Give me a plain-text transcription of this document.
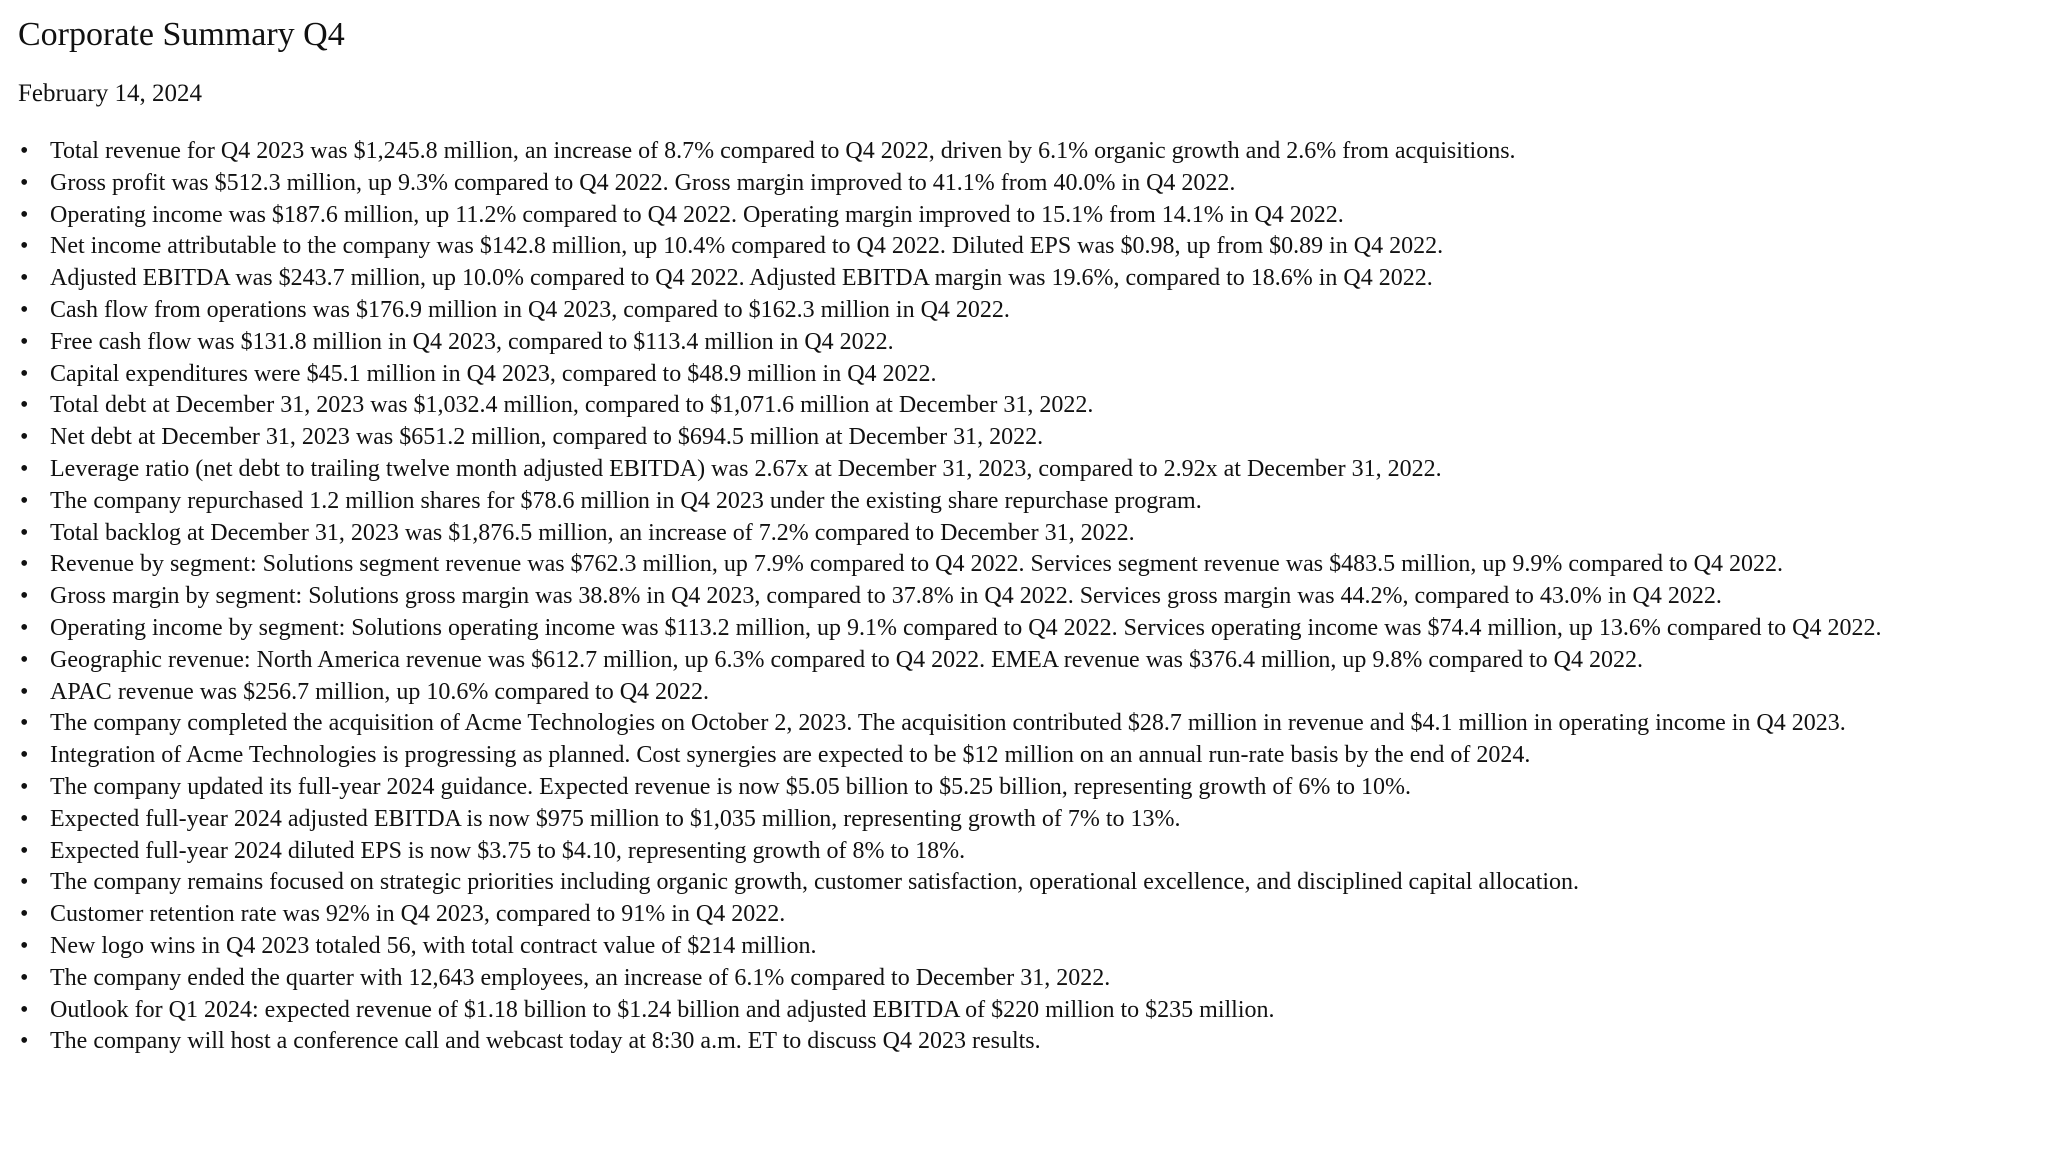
Corporate Summary Q4
February 14, 2024
• Total revenue for Q4 2023 was $1,245.8 million, an increase of 8.7% compared to Q4 2022, driven by 6.1% organic growth and 2.6% from acquisitions.
• Gross profit was $512.3 million, up 9.3% compared to Q4 2022. Gross margin improved to 41.1% from 40.0% in Q4 2022.
• Operating income was $187.6 million, up 11.2% compared to Q4 2022. Operating margin improved to 15.1% from 14.1% in Q4 2022.
• Net income attributable to the company was $142.8 million, up 10.4% compared to Q4 2022. Diluted EPS was $0.98, up from $0.89 in Q4 2022.
• Adjusted EBITDA was $243.7 million, up 10.0% compared to Q4 2022. Adjusted EBITDA margin was 19.6%, compared to 18.6% in Q4 2022.
• Cash flow from operations was $176.9 million in Q4 2023, compared to $162.3 million in Q4 2022.
• Free cash flow was $131.8 million in Q4 2023, compared to $113.4 million in Q4 2022.
• Capital expenditures were $45.1 million in Q4 2023, compared to $48.9 million in Q4 2022.
• Total debt at December 31, 2023 was $1,032.4 million, compared to $1,071.6 million at December 31, 2022.
• Net debt at December 31, 2023 was $651.2 million, compared to $694.5 million at December 31, 2022.
• Leverage ratio (net debt to trailing twelve month adjusted EBITDA) was 2.67x at December 31, 2023, compared to 2.92x at December 31, 2022.
• The company repurchased 1.2 million shares for $78.6 million in Q4 2023 under the existing share repurchase program.
• Total backlog at December 31, 2023 was $1,876.5 million, an increase of 7.2% compared to December 31, 2022.
• Revenue by segment: Solutions segment revenue was $762.3 million, up 7.9% compared to Q4 2022. Services segment revenue was $483.5 million, up 9.9% compared to Q4 2022.
• Gross margin by segment: Solutions gross margin was 38.8% in Q4 2023, compared to 37.8% in Q4 2022. Services gross margin was 44.2%, compared to 43.0% in Q4 2022.
• Operating income by segment: Solutions operating income was $113.2 million, up 9.1% compared to Q4 2022. Services operating income was $74.4 million, up 13.6% compared to Q4 2022.
• Geographic revenue: North America revenue was $612.7 million, up 6.3% compared to Q4 2022. EMEA revenue was $376.4 million, up 9.8% compared to Q4 2022.
• APAC revenue was $256.7 million, up 10.6% compared to Q4 2022.
• The company completed the acquisition of Acme Technologies on October 2, 2023. The acquisition contributed $28.7 million in revenue and $4.1 million in operating income in Q4 2023.
• Integration of Acme Technologies is progressing as planned. Cost synergies are expected to be $12 million on an annual run-rate basis by the end of 2024.
• The company updated its full-year 2024 guidance. Expected revenue is now $5.05 billion to $5.25 billion, representing growth of 6% to 10%.
• Expected full-year 2024 adjusted EBITDA is now $975 million to $1,035 million, representing growth of 7% to 13%.
• Expected full-year 2024 diluted EPS is now $3.75 to $4.10, representing growth of 8% to 18%.
• The company remains focused on strategic priorities including organic growth, customer satisfaction, operational excellence, and disciplined capital allocation.
• Customer retention rate was 92% in Q4 2023, compared to 91% in Q4 2022.
• New logo wins in Q4 2023 totaled 56, with total contract value of $214 million.
• The company ended the quarter with 12,643 employees, an increase of 6.1% compared to December 31, 2022.
• Outlook for Q1 2024: expected revenue of $1.18 billion to $1.24 billion and adjusted EBITDA of $220 million to $235 million.
• The company will host a conference call and webcast today at 8:30 a.m. ET to discuss Q4 2023 results.
